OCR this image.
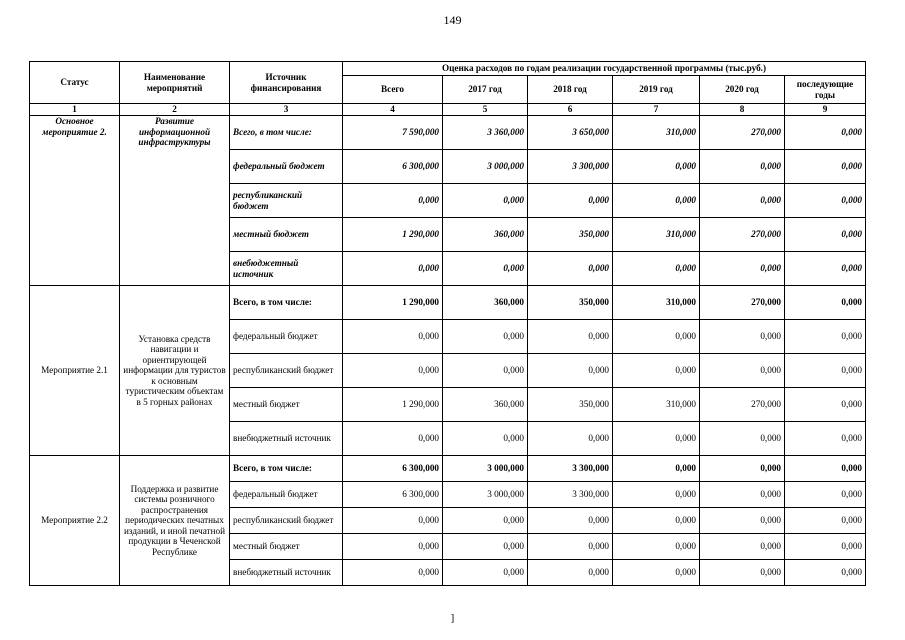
149
Статус	Наименование мероприятий	Источник финансирования	Оценка расходов по годам реализации государственной программы (тыс.руб.)					
			Всего	2017 год	2018 год	2019 год	2020 год	последующие годы
1	2	3	4	5	6	7	8	9
Основное мероприятие 2.	Развитие информационной инфраструктуры	Всего, в том числе:	7 590,000	3 360,000	3 650,000	310,000	270,000	0,000
		федеральный бюджет	6 300,000	3 000,000	3 300,000	0,000	0,000	0,000
		республиканский бюджет	0,000	0,000	0,000	0,000	0,000	0,000
		местный бюджет	1 290,000	360,000	350,000	310,000	270,000	0,000
		внебюджетный источник	0,000	0,000	0,000	0,000	0,000	0,000
Мероприятие 2.1	Установка средств навигации и ориентирующей информации для туристов к основным туристическим объектам в 5 горных районах	Всего, в том числе:	1 290,000	360,000	350,000	310,000	270,000	0,000
		федеральный бюджет	0,000	0,000	0,000	0,000	0,000	0,000
		республиканский бюджет	0,000	0,000	0,000	0,000	0,000	0,000
		местный бюджет	1 290,000	360,000	350,000	310,000	270,000	0,000
		внебюджетный источник	0,000	0,000	0,000	0,000	0,000	0,000
Мероприятие 2.2	Поддержка и развитие системы розничного распространения периодических печатных изданий, и иной печатной продукции в Чеченской Республике	Всего, в том числе:	6 300,000	3 000,000	3 300,000	0,000	0,000	0,000
		федеральный бюджет	6 300,000	3 000,000	3 300,000	0,000	0,000	0,000
		республиканский бюджет	0,000	0,000	0,000	0,000	0,000	0,000
		местный бюджет	0,000	0,000	0,000	0,000	0,000	0,000
		внебюджетный источник	0,000	0,000	0,000	0,000	0,000	0,000
]
